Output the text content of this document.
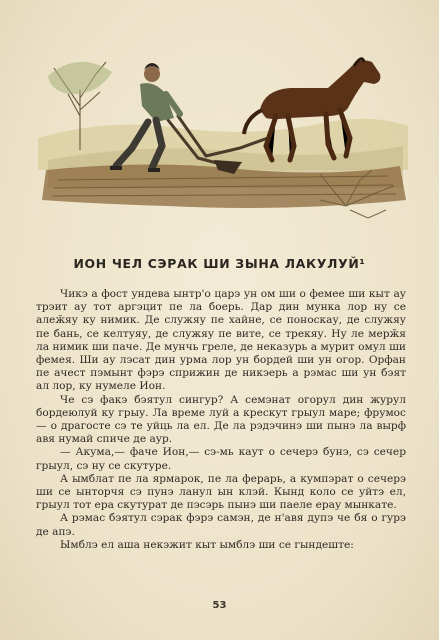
ИОН ЧЕЛ СЭРАК ШИ ЗЫНА ЛАКУЛУЙ¹

Чикэ а фост ундева ынтр'о царэ ун ом ши о фемее ши кыт ау трэит ау тот аргэцит пе ла боерь. Дар дин мунка лор ну се алеӂяу ку нимик. Де служяу пе хайне, се поноскау, де служяу пе бань, се келтуяу, де служяу пе вите, се трекяу. Ну ле мерӂя ла нимик ши паче. Де мунчь греле, де неказурь а мурит омул ши фемея. Ши ау лэсат дин урма лор ун бордей ши ун огор. Орфан пе ачест пэмынт фэрэ сприжин де никэерь а рэмас ши ун бэят ал лор, ку нумеле Ион.

Че сэ факэ бэятул сингур? А семэнат огорул дин журул бордеюлуй ку грыу. Ла време луй а крескут грыул маре; фрумос — о драгосте сэ те уйць ла ел. Де ла рэдэчинэ ши пынэ ла вырф авя нумай спиче де аур.

— Акума,— фаче Ион,— сэ-мь каут о сечерэ бунэ, сэ сечер грыул, сэ ну се скутуре.

А ымблат пе ла ярмарок, пе ла ферарь, а кумпэрат о сечерэ ши се ынторчя сэ пунэ ланул ын клэй. Кынд коло се уйтэ ел, грыул тот ера скутурат де пэсэрь пынэ ши паеле ерау мынкате.

А рэмас бэятул сэрак фэрэ самэн, де н'авя дупэ че бя о гурэ де апэ.

Ымблэ ел аша некэжит кыт ымблэ ши се гындеште:

53
